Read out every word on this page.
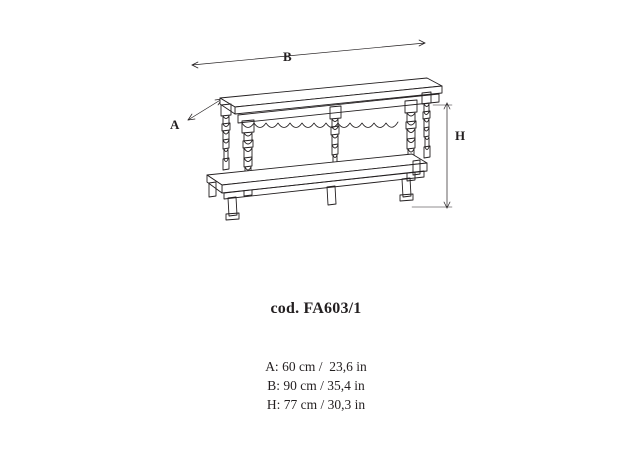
B
A
H
cod. FA603/1
A: 60 cm /  23,6 in
B: 90 cm / 35,4 in
H: 77 cm / 30,3 in
